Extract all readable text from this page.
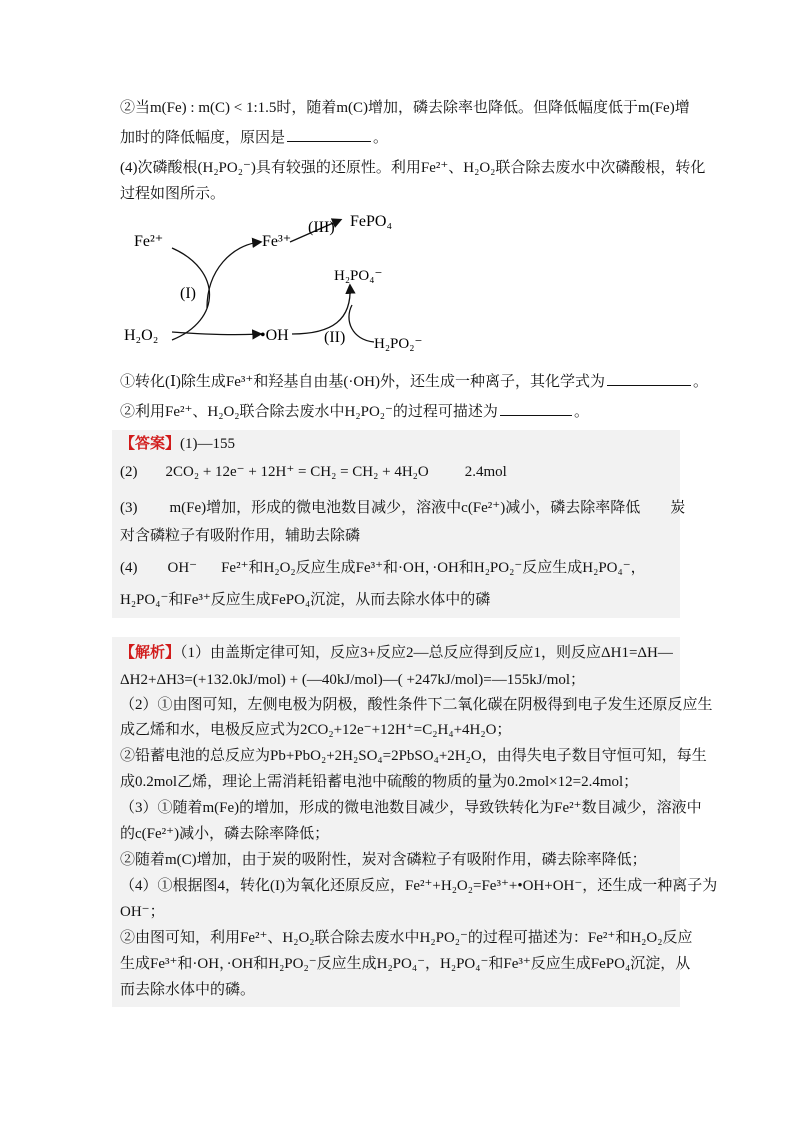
②当m(Fe) : m(C) < 1:1.5时，随着m(C)增加，磷去除率也降低。但降低幅度低于m(Fe)增
加时的降低幅度，原因是	。
(4)次磷酸根(H₂PO₂⁻)具有较强的还原性。利用Fe²⁺、H₂O₂联合除去废水中次磷酸根，转化
过程如图所示。
Fe²⁺
H₂O₂
(I)
Fe³⁺
•OH
(III) FePO₄
H₂PO₄⁻
(II) H₂PO₂⁻
①转化(Ⅰ)除生成Fe³⁺和羟基自由基(·OH)外，还生成一种离子，其化学式为	。
②利用Fe²⁺、H₂O₂联合除去废水中H₂PO₂⁻的过程可描述为	。
【答案】(1)—155
(2) 2CO₂ + 12e⁻ + 12H⁺ = CH₂ = CH₂ + 4H₂O 2.4mol
(3) m(Fe)增加，形成的微电池数目减少，溶液中c(Fe²⁺)减小，磷去除率降低 炭
对含磷粒子有吸附作用，辅助去除磷
(4) OH⁻ Fe²⁺和H₂O₂反应生成Fe³⁺和·OH，·OH和H₂PO₂⁻反应生成H₂PO₄⁻，
H₂PO₄⁻和Fe³⁺反应生成FePO₄沉淀，从而去除水体中的磷
【解析】（1）由盖斯定律可知，反应3+反应2—总反应得到反应1，则反应ΔH1=ΔH—
ΔH2+ΔH3=(+132.0kJ/mol) + (—40kJ/mol)—( +247kJ/mol)=—155kJ/mol；
（2）①由图可知，左侧电极为阴极，酸性条件下二氧化碳在阴极得到电子发生还原反应生
成乙烯和水，电极反应式为2CO₂+12e⁻+12H⁺=C₂H₄+4H₂O；
②铅蓄电池的总反应为Pb+PbO₂+2H₂SO₄=2PbSO₄+2H₂O，由得失电子数目守恒可知，每生
成0.2mol乙烯，理论上需消耗铅蓄电池中硫酸的物质的量为0.2mol×12=2.4mol；
（3）①随着m(Fe)的增加，形成的微电池数目减少，导致铁转化为Fe²⁺数目减少，溶液中
的c(Fe²⁺)减小，磷去除率降低；
②随着m(C)增加，由于炭的吸附性，炭对含磷粒子有吸附作用，磷去除率降低；
（4）①根据图4，转化(I)为氧化还原反应，Fe²⁺+H₂O₂=Fe³⁺+•OH+OH⁻，还生成一种离子为
OH⁻；
②由图可知，利用Fe²⁺、H₂O₂联合除去废水中H₂PO₂⁻的过程可描述为：Fe²⁺和H₂O₂反应
生成Fe³⁺和·OH，·OH和H₂PO₂⁻反应生成H₂PO₄⁻，H₂PO₄⁻和Fe³⁺反应生成FePO₄沉淀，从
而去除水体中的磷。
